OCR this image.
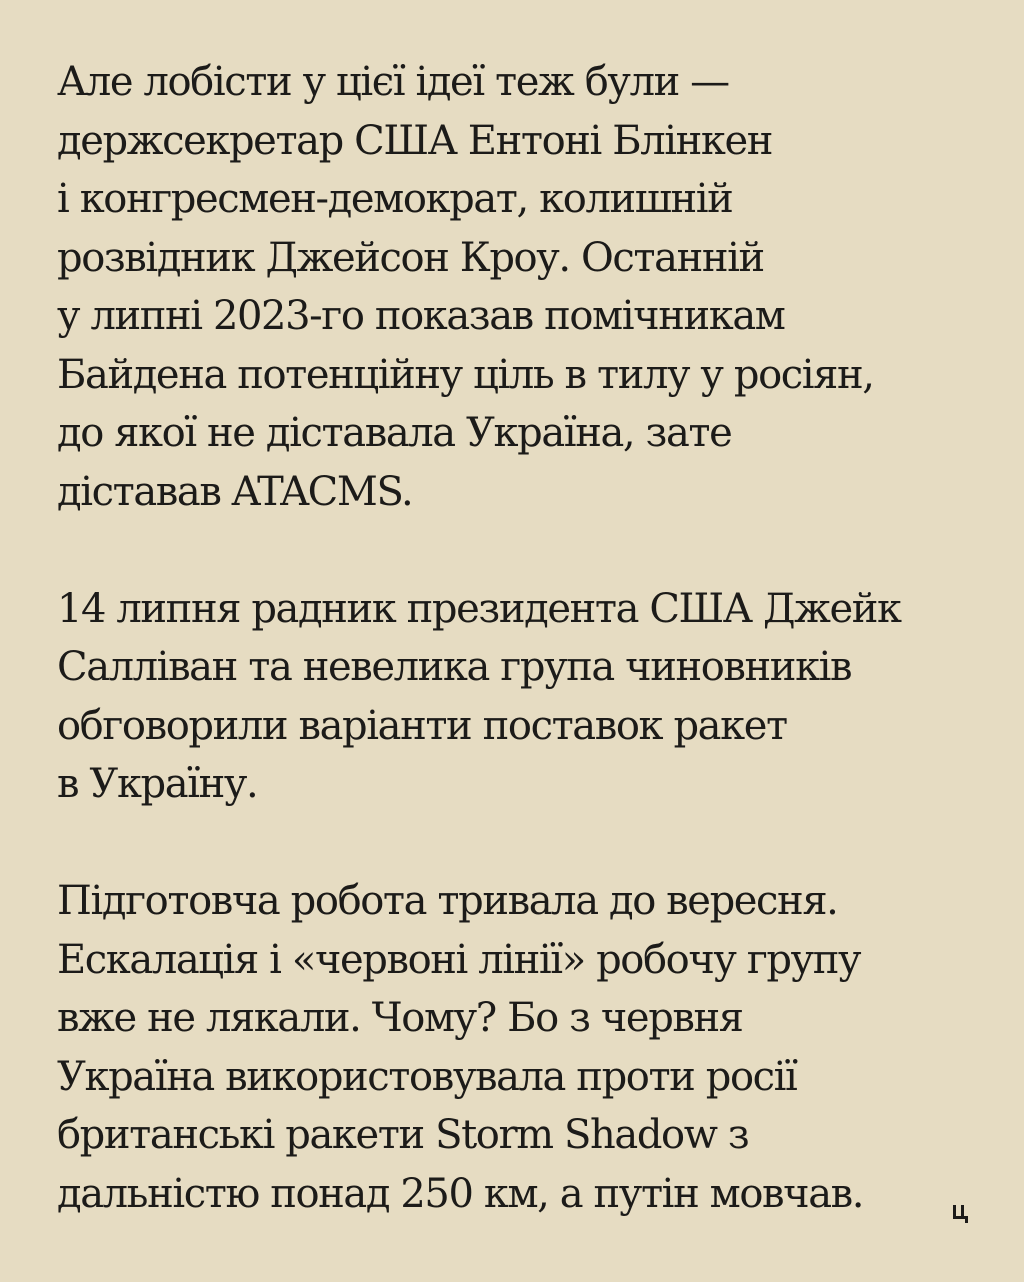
Але лобісти у цієї ідеї теж були —
держсекретар США Ентоні Блінкен
і конгресмен-демократ, колишній
розвідник Джейсон Кроу. Останній
у липні 2023-го показав помічникам
Байдена потенційну ціль в тилу у росіян,
до якої не діставала Україна, зате
діставав ATACMS.

14 липня радник президента США Джейк
Салліван та невелика група чиновників
обговорили варіанти поставок ракет
в Україну.

Підготовча робота тривала до вересня.
Ескалація і «червоні лінії» робочу групу
вже не лякали. Чому? Бо з червня
Україна використовувала проти росії
британські ракети Storm Shadow з
дальністю понад 250 км, а путін мовчав.
